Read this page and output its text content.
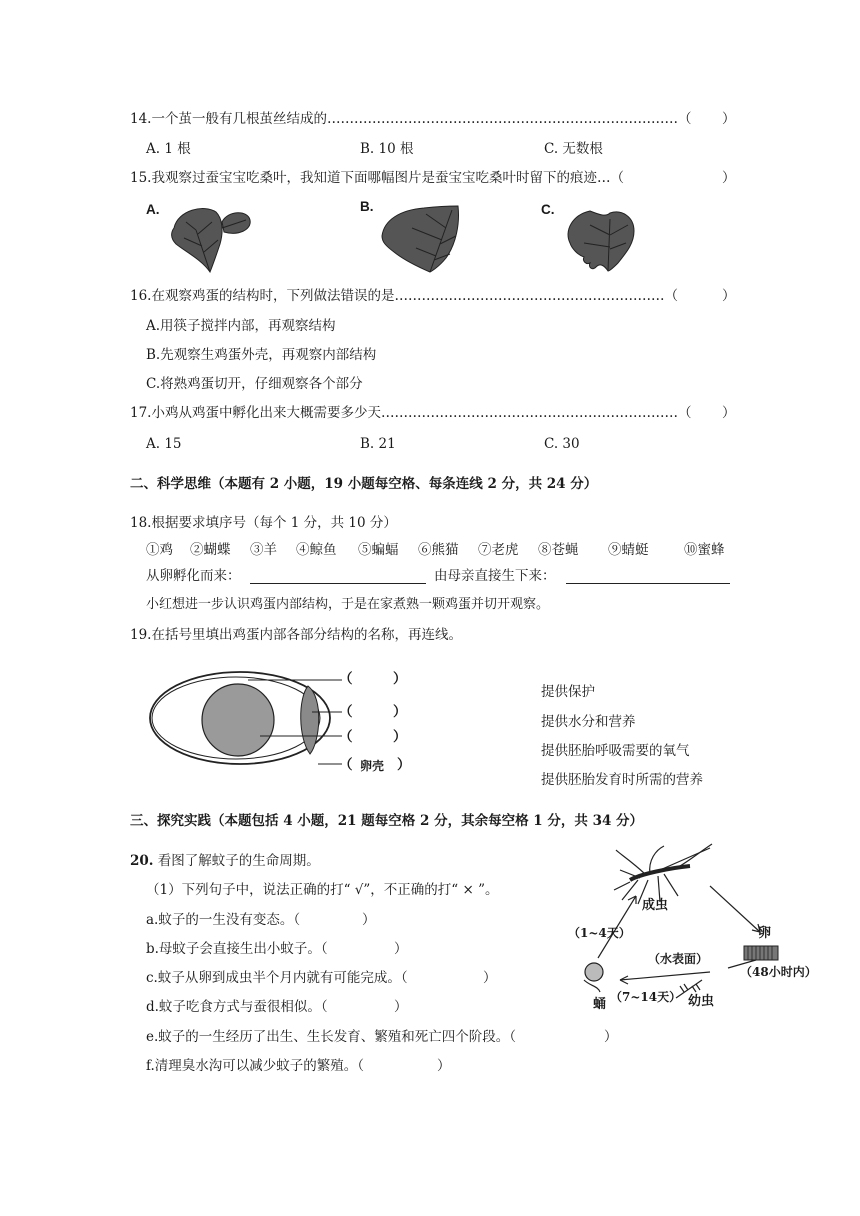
14.一个茧一般有几根茧丝结成的……………………………………………………………………（ ）
A. 1 根	B. 10 根	C. 无数根
15.我观察过蚕宝宝吃桑叶，我知道下面哪幅图片是蚕宝宝吃桑叶时留下的痕迹…（	）
A.	B.	C.
16.在观察鸡蛋的结构时，下列做法错误的是……………………………………………………（	）
A.用筷子搅拌内部，再观察结构
B.先观察生鸡蛋外壳，再观察内部结构
C.将熟鸡蛋切开，仔细观察各个部分
17.小鸡从鸡蛋中孵化出来大概需要多少天…………………………………………………………（ ）
A. 15	B. 21	C. 30
二、科学思维（本题有 2 小题，19 小题每空格、每条连线 2 分，共 24 分）
18.根据要求填序号（每个 1 分，共 10 分）
①鸡 ②蝴蝶 ③羊 ④鲸鱼 ⑤蝙蝠 ⑥熊猫 ⑦老虎 ⑧苍蝇 ⑨蜻蜓	⑩蜜蜂
从卵孵化而来：	由母亲直接生下来：
小红想进一步认识鸡蛋内部结构，于是在家煮熟一颗鸡蛋并切开观察。
19.在括号里填出鸡蛋内部各部分结构的名称，再连线。
（	）
（	）
（	）
（ 卵壳 ）
提供保护
提供水分和营养
提供胚胎呼吸需要的氧气
提供胚胎发育时所需的营养
三、探究实践（本题包括 4 小题，21 题每空格 2 分，其余每空格 1 分，共 34 分）
20. 看图了解蚊子的生命周期。
（1）下列句子中，说法正确的打“ √”，不正确的打“ × ”。
a.蚊子的一生没有变态。（	）
b.母蚊子会直接生出小蚊子。（	）
c.蚊子从卵到成虫半个月内就有可能完成。（	）
d.蚊子吃食方式与蚕很相似。（	）
e.蚊子的一生经历了出生、生长发育、繁殖和死亡四个阶段。（	）
f.清理臭水沟可以减少蚊子的繁殖。（	）
成虫
卵
（48小时内）
（1~4天）
（水表面）
幼虫
蛹 （7~14天）
